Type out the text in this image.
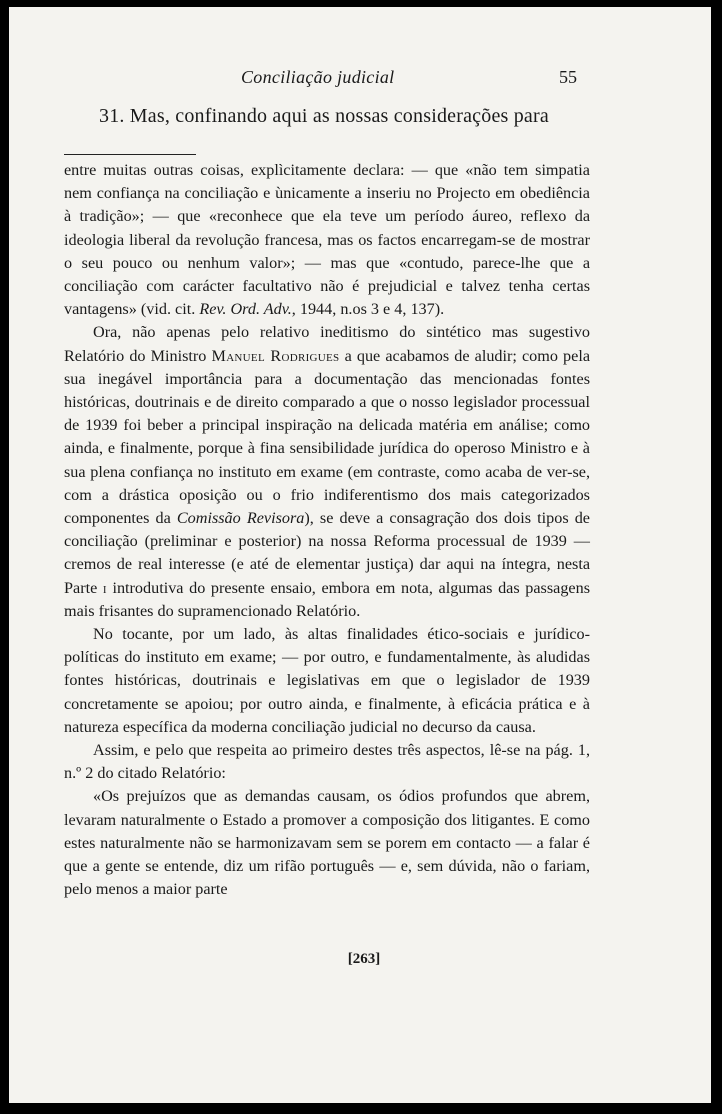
Conciliação judicial	55
31. Mas, confinando aqui as nossas considerações para

entre muitas outras coisas, explìcitamente declara: — que «não tem simpatia nem confiança na conciliação e ùnicamente a inseriu no Projecto em obediência à tradição»; — que «reconhece que ela teve um período áureo, reflexo da ideologia liberal da revolução francesa, mas os factos encarregam-se de mostrar o seu pouco ou nenhum valor»; — mas que «contudo, parece-lhe que a conciliação com carácter facultativo não é prejudicial e talvez tenha certas vantagens» (vid. cit. Rev. Ord. Adv., 1944, n.os 3 e 4, 137).

Ora, não apenas pelo relativo ineditismo do sintético mas sugestivo Relatório do Ministro Manuel Rodrigues a que acabamos de aludir; como pela sua inegável importância para a documentação das mencionadas fontes históricas, doutrinais e de direito comparado a que o nosso legislador processual de 1939 foi beber a principal inspiração na delicada matéria em análise; como ainda, e finalmente, porque à fina sensibilidade jurídica do operoso Ministro e à sua plena confiança no instituto em exame (em contraste, como acaba de ver-se, com a drástica oposição ou o frio indiferentismo dos mais categorizados componentes da Comissão Revisora), se deve a consagração dos dois tipos de conciliação (preliminar e posterior) na nossa Reforma processual de 1939 — cremos de real interesse (e até de elementar justiça) dar aqui na íntegra, nesta Parte i introdutiva do presente ensaio, embora em nota, algumas das passagens mais frisantes do supramencionado Relatório.

No tocante, por um lado, às altas finalidades ético-sociais e jurídico-políticas do instituto em exame; — por outro, e fundamentalmente, às aludidas fontes históricas, doutrinais e legislativas em que o legislador de 1939 concretamente se apoiou; por outro ainda, e finalmente, à eficácia prática e à natureza específica da moderna conciliação judicial no decurso da causa.

Assim, e pelo que respeita ao primeiro destes três aspectos, lê-se na pág. 1, n.º 2 do citado Relatório:

«Os prejuízos que as demandas causam, os ódios profundos que abrem, levaram naturalmente o Estado a promover a composição dos litigantes. E como estes naturalmente não se harmonizavam sem se porem em contacto — a falar é que a gente se entende, diz um rifão português — e, sem dúvida, não o fariam, pelo menos a maior parte

[263]
